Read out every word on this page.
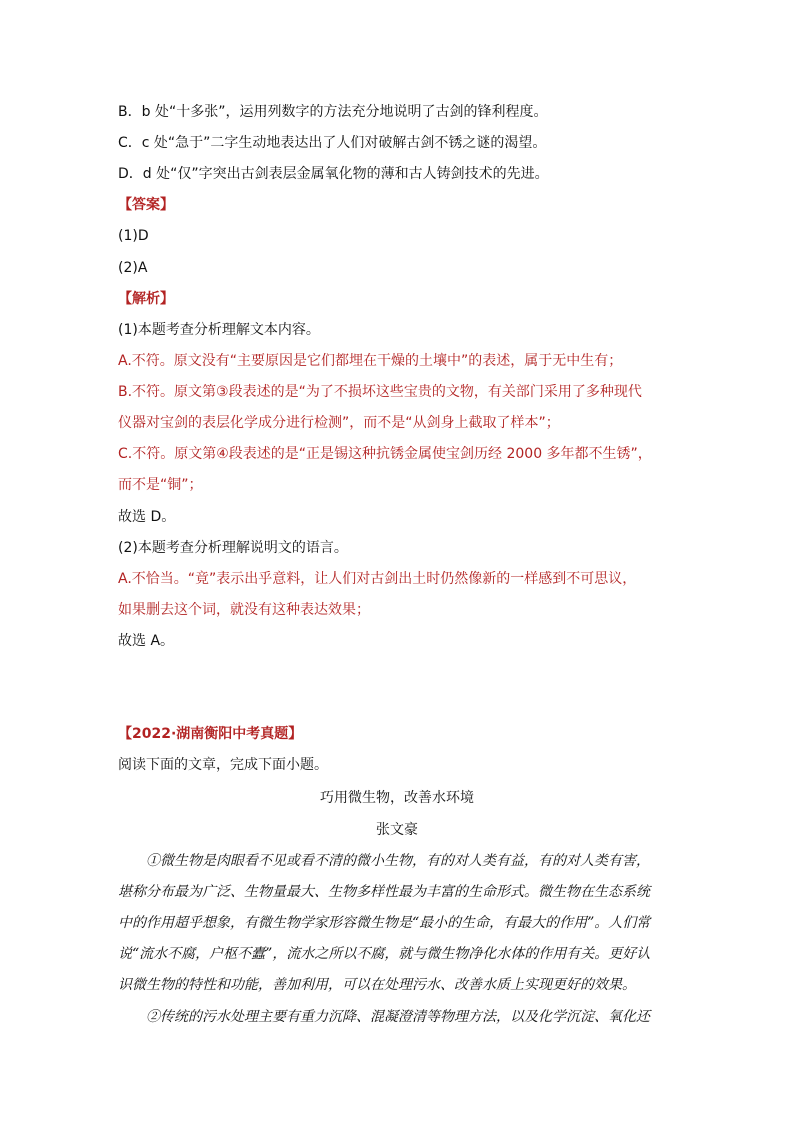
B．b 处“十多张”，运用列数字的方法充分地说明了古剑的锋利程度。
C．c 处“急于”二字生动地表达出了人们对破解古剑不锈之谜的渴望。
D．d 处“仅”字突出古剑表层金属氧化物的薄和古人铸剑技术的先进。
【答案】
(1)D
(2)A
【解析】
(1)本题考查分析理解文本内容。
A.不符。原文没有“主要原因是它们都埋在干燥的土壤中”的表述，属于无中生有；
B.不符。原文第③段表述的是“为了不损坏这些宝贵的文物，有关部门采用了多种现代
仪器对宝剑的表层化学成分进行检测”，而不是“从剑身上截取了样本”；
C.不符。原文第④段表述的是“正是锡这种抗锈金属使宝剑历经 2000 多年都不生锈”，
而不是“铜”；
故选 D。
(2)本题考查分析理解说明文的语言。
A.不恰当。“竟”表示出乎意料，让人们对古剑出土时仍然像新的一样感到不可思议，
如果删去这个词，就没有这种表达效果；
故选 A。
【2022·湖南衡阳中考真题】
阅读下面的文章，完成下面小题。
巧用微生物，改善水环境
张文豪
①微生物是肉眼看不见或看不清的微小生物，有的对人类有益，有的对人类有害，
堪称分布最为广泛、生物量最大、生物多样性最为丰富的生命形式。微生物在生态系统
中的作用超乎想象，有微生物学家形容微生物是“最小的生命，有最大的作用”。人们常
说“流水不腐，户枢不蠹”，流水之所以不腐，就与微生物净化水体的作用有关。更好认
识微生物的特性和功能，善加利用，可以在处理污水、改善水质上实现更好的效果。
②传统的污水处理主要有重力沉降、混凝澄清等物理方法，以及化学沉淀、氧化还
